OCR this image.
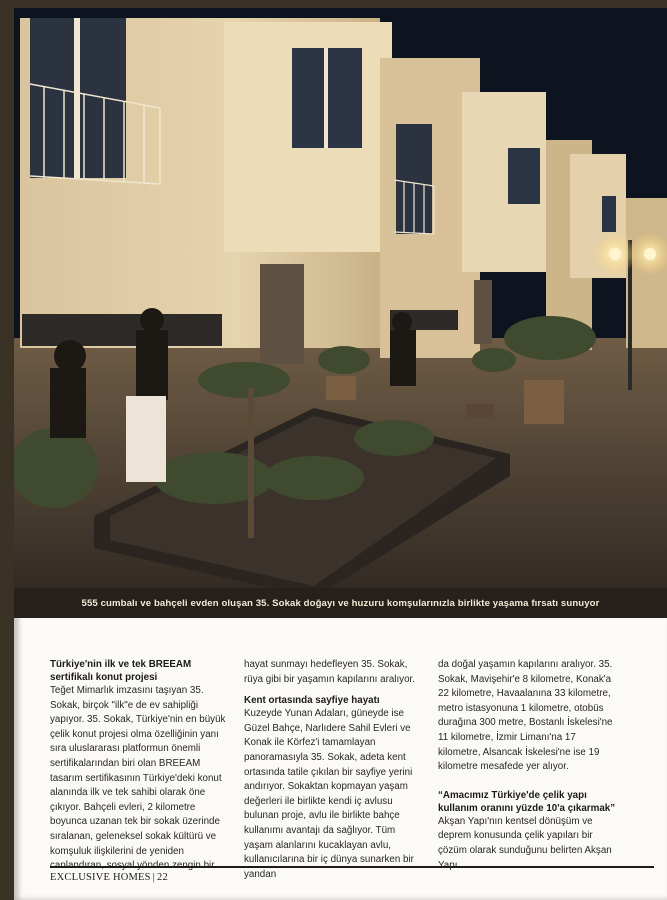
555 cumbalı ve bahçeli evden oluşan 35. Sokak doğayı ve huzuru komşularınızla birlikte yaşama fırsatı sunuyor
Türkiye'nin ilk ve tek BREEAM sertifikalı konut projesi

Teğet Mimarlık imzasını taşıyan 35. Sokak, birçok "ilk"e de ev sahipliği yapıyor. 35. Sokak, Türkiye'nin en büyük çelik konut projesi olma özelliğinin yanı sıra uluslararası platformun önemli sertifikalarından biri olan BREEAM tasarım sertifikasının Türkiye'deki konut alanında ilk ve tek sahibi olarak öne çıkıyor. Bahçeli evleri, 2 kilometre boyunca uzanan tek bir sokak üzerinde sıralanan, geleneksel sokak kültürü ve komşuluk ilişkilerini de yeniden

hayat sunmayı hedefleyen 35. Sokak, rüya gibi bir yaşamın kapılarını aralıyor.

Kent ortasında sayfiye hayatı

Kuzeyde Yunan Adaları, güneyde ise Güzel Bahçe, Narlıdere Sahil Evleri ve Konak ile Körfez'i tamamlayan panoramasıyla 35. Sokak, adeta kent ortasında tatile çıkılan bir sayfiye yerini andırıyor. Sokaktan kopmayan yaşam değerleri ile birlikte kendi iç avlusu bulunan proje, avlu ile birlikte bahçe kullanımı avantajı da sağlıyor. Tüm yaşam alanlarını kucaklayan avlu, kullanıcılarına bir iç dünya sunarken bir yandan

da doğal yaşamın kapılarını aralıyor. 35. Sokak, Mavişehir'e 8 kilometre, Konak'a 22 kilometre, Havaalanına 33 kilometre, metro istasyonuna 1 kilometre, otobüs durağına 300 metre, Bostanlı İskelesi'ne 11 kilometre, İzmir Limanı'na 17 kilometre, Alsancak İskelesi'ne ise 19 kilometre mesafede yer alıyor.

“Amacımız Türkiye'de çelik yapı kullanım oranını yüzde 10'a çıkarmak”

Akşan Yapı'nın kentsel dönüşüm ve deprem konusunda çelik yapıları bir çözüm olarak sunduğunu belirten Akşan

EXCLUSIVE HOMES | 22
